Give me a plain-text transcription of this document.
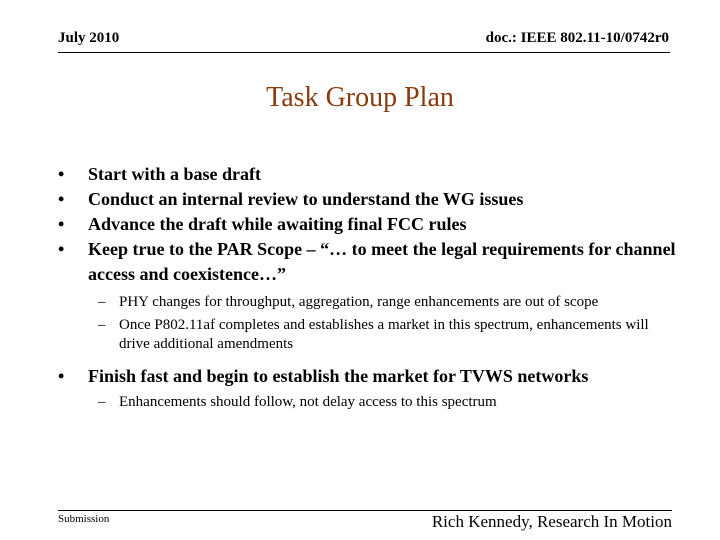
July 2010	doc.: IEEE 802.11-10/0742r0
Task Group Plan
• Start with a base draft
• Conduct an internal review to understand the WG issues
• Advance the draft while awaiting final FCC rules
• Keep true to the PAR Scope – “… to meet the legal requirements for channel access and coexistence…”
– PHY changes for throughput, aggregation, range enhancements are out of scope
– Once P802.11af completes and establishes a market in this spectrum, enhancements will drive additional amendments
• Finish fast and begin to establish the market for TVWS networks
– Enhancements should follow, not delay access to this spectrum
Submission	Rich Kennedy, Research In Motion
